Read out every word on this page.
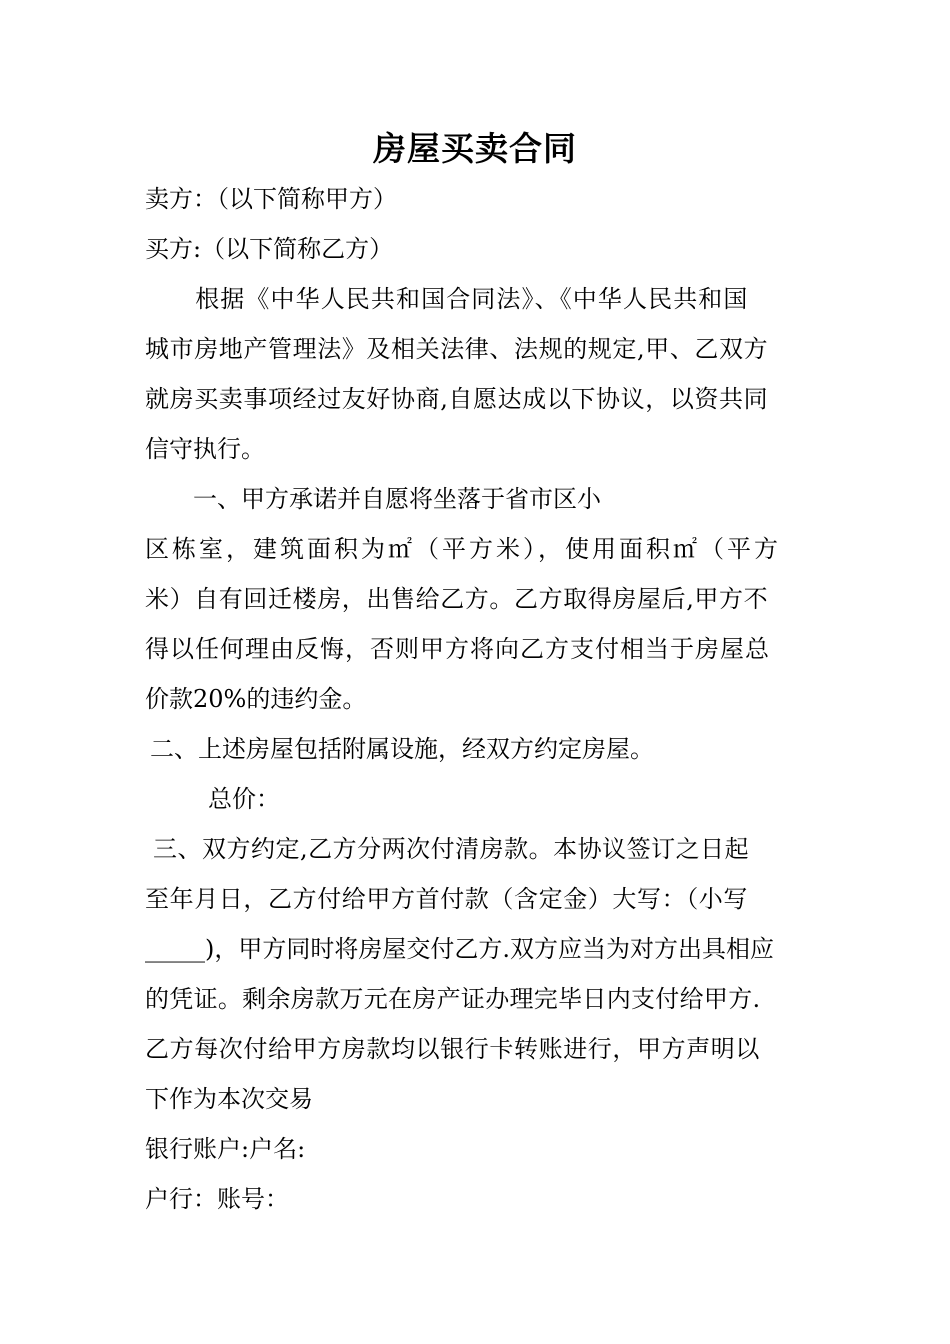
房屋买卖合同
卖方：（以下简称甲方）
买方:（以下简称乙方）
　　根据《中华人民共和国合同法》、《中华人民共和国
城市房地产管理法》及相关法律、法规的规定,甲、乙双方
就房买卖事项经过友好协商,自愿达成以下协议，以资共同
信守执行。
　　一、甲方承诺并自愿将坐落于省市区小
区栋室，建筑面积为㎡（平方米），使用面积㎡（平方
米）自有回迁楼房，出售给乙方。乙方取得房屋后,甲方不
得以任何理由反悔，否则甲方将向乙方支付相当于房屋总
价款20%的违约金。
二、上述房屋包括附属设施，经双方约定房屋。
　　总价：
三、双方约定,乙方分两次付清房款。本协议签订之日起
至年月日，乙方付给甲方首付款（含定金）大写：（小写
_____)，甲方同时将房屋交付乙方.双方应当为对方出具相应
的凭证。剩余房款万元在房产证办理完毕日内支付给甲方.
乙方每次付给甲方房款均以银行卡转账进行，甲方声明以
下作为本次交易
银行账户:户名:
户行：账号：
